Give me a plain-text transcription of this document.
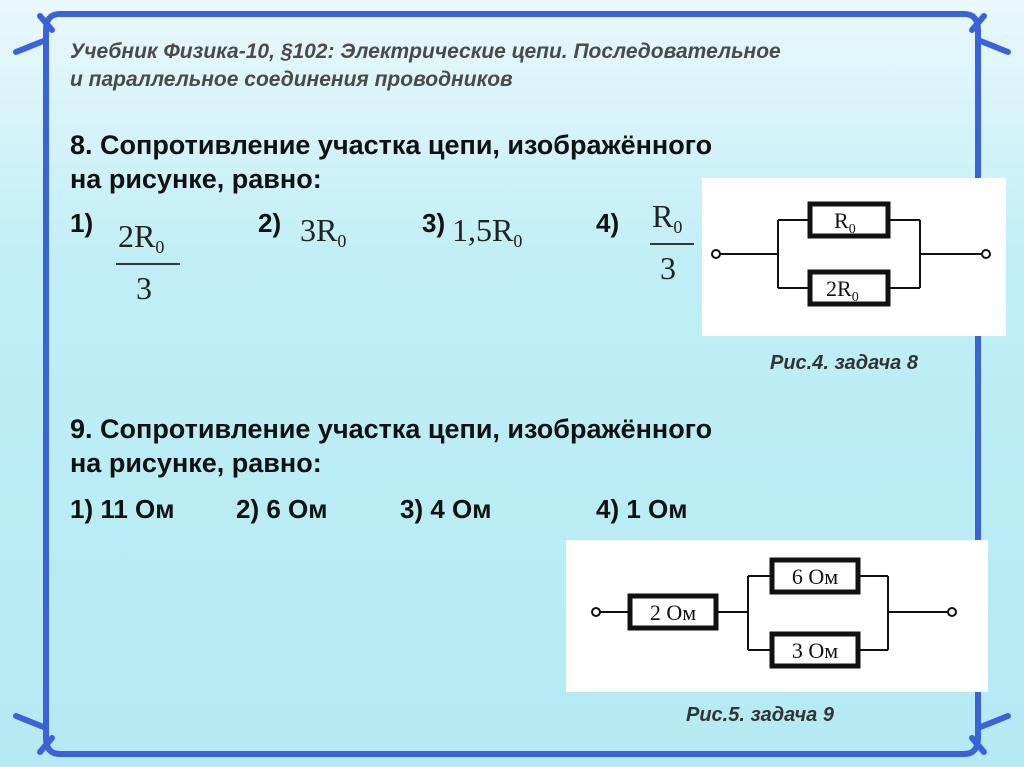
Учебник Физика-10, §102: Электрические цепи. Последовательное
и параллельное соединения проводников
8. Сопротивление участка цепи, изображённого
на рисунке, равно:
1) $2R_0$
3
2) $3R_0$
3) $1,5R_0$
4) $R_0$
3
$R_0$
$2R_0$
Рис.4. задача 8
9. Сопротивление участка цепи, изображённого
на рисунке, равно:
1) 11 Ом 2) 6 Ом	3) 4 Ом	4) 1 Ом
2 Ом
6 Ом
3 Ом
Рис.5. задача 9
